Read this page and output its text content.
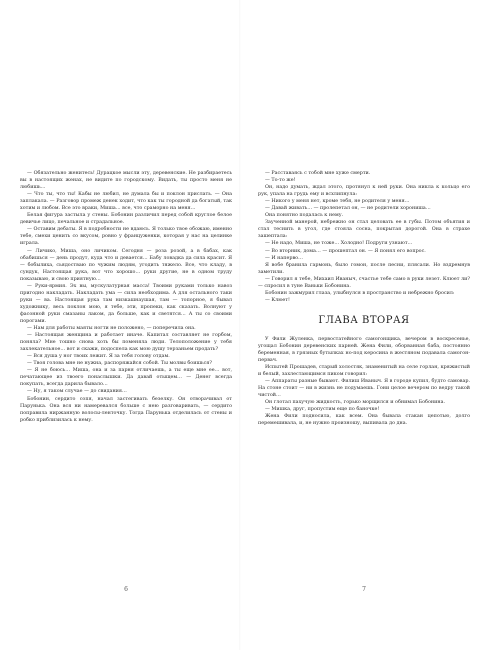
— Обязательно женитесь! Дурацкое мысли эту, деревенские. Не разбираетесь вы в настоящих женах, не видите по городскому. Видать, ты просто меня не любишь…

— Что ты, что ты! Кабы не любил, не думала бы и поклон прислать. — Она заплакала. — Разговор промеж денек ходит, что как ты городной да богатый, так хотим и любом. Все это враки, Миша… все, что сраморно на меня…

Белая фигура застыла у стены. Бобонин различил перед собой круглое белое девичье лицо, печальное и страдальное.

— Оставим дебаты. Я в подробности не вдаюсь. Я только твое обожаю, именно тебе, смехи ценить со вкусом, ровно у француженки, которая у нас на целинке играла.

— Личико, Миша, оно личиком. Сегодня — роза розой, а в бабах, как обабишься — день продут, куда что и девается… Бабу ловадка да сила красит. Я — бобылиха, сьядостваю по чужим людям, угодить тяжело. Все, что кладу, в сундук, Настоящая рука, вот что хорошо… руки другие, не в одном труду показываю, и свою приятную…

— Руки-ярмия. Эх вы, мускулатурная масса! Твоими руками только навоз пригодно накладать. Накладать ума — сила необходима. А для остального таки руки — ва. Настоящая рука там низкашнаушая, там — топорное, я бывал художнику, весь поклон мою, я тебе, эти, пропеки, как сказать. Волнуют у фасонной руки смазаны лаком, да больше, как и светятся… А ты со своими порогами.

— Нам для работы маяты ногти не положено, — поперечила она.

— Настоящая женщина и работает иначе. Капитал составляет не горбом, поняла? Мне тошно снова хоть бы поменяла люди. Телоположение у тебя захлекательное… вот и скажи, подоспела как мою душу терзаньем продать?

— Вся душа у ног твоих лежит. Я за тебя голову отдам.

— Твоя голова мне не нужна, распоряжайся собой. Ты молвы боишься?

— Я не боюсь… Миша, она и за парня отличаешь, а ты еще мне ее… вот, печатающее из твоего понаслышки. Да давай отыщем… — Денег всегда покупать, всегда дарила бывало…

— Ну, я таком случае — до свидания…

Бобонин, сердито сопя, начал застегивать безелку. Он отворачивал от Парунька. Она вся ни намеревался больше с нею разговаривать, — сердито поправила ниржанную волосы-ленточку. Тогда Парунька отделилась от стены и робко приблизилась к нему.

6

— Расставаясь с тобой мне хуже смерти.

— То-то же!

Он, надо думать, ждал этого, протянул к ней руки. Она никла к кольцо его рук, упала на грудь ему и всхлипнула:

— Никого у меня нет, кроме тебя, не родителя у меня…

— Давай живать… — пролепетал он, — не родители хорониша…

Она понятно подалась к нему.

Заученной манерой, небрежно он стал целовать ее в губы. Потом объятия и стал теснить в угол, где стояла сосна, покрытая дорогой. Она в страхе зашептала:

— Не надо, Миша, не тоже… Холодно! Подруги узнают…

— Во вторник, дома… — прошептал он. — Я понял его вопрос.

— И наперво…

Я вобе бранила гармонь, было гомон, после песни, плясали. Но вздремнув заметили.

— Говорил я тебе, Михаил Иваныч, счастье тебе само в руки лезет. Клюет ли? — спросил в туне Ваньки Бобонина.

Бобонин зажмурил глаза, улыбнулся в пространство и небрежно бросил:

— Клюет!

ГЛАВА ВТОРАЯ

У Фили Жуленка, первостатейного самогонщика, вечером в воскресенье, угощал Бобонин деревенских парней. Жена Фили, оборванная баба, постоянно беременная, в грязных бутылках но-под керосина в жестяном подавала самогон-первач.

Испытей Прошадев, старый холостяк, знаменитый на селе горлан, кряжистый и белый, захлестающимся пиком говорил:

— Аппараты разные бывают. Филиш Иваныч. Я в городе купил, будто самовар. На стоне стоит — ни в жизнь не подумаешь. Гони целое вечером по ведру такой чистой…

Он глотал пахучую жидкость, горько морщился и обнимал Бобонина.

— Мишка, друг, пропустим еще по баночке!

Жена Фили подносила, как всем. Она бывала стакан цепотью, долго перемешивала, и, не нужно произношу, выпивала до дна.

7
